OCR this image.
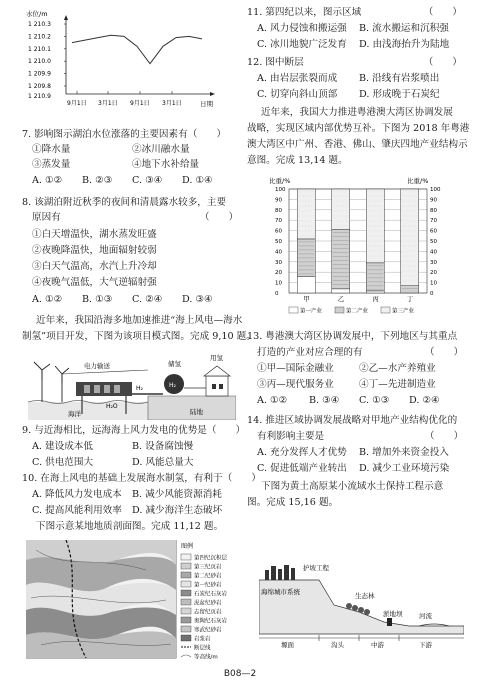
水位/m
1 210.3
1 210.2
1 210.1
1 210.0
1 209.9
1 209.8
1 210.9
9月1日 3月1日 9月1日 3月1日	日期
7. 影响图示湖泊水位涨落的主要因素有（　　）
①降水量	②冰川融水量
③蒸发量	④地下水补给量
A. ①② B. ②③ C. ③④ D. ①④
8. 该湖泊附近秋季的夜间和清晨露水较多，主要
原因有　　　　　　　　　　　　　　　（　　）
①白天增温快，湖水蒸发旺盛
②夜晚降温快，地面辐射较弱
③白天气温高，水汽上升冷却
④夜晚气温低，大气逆辐射强
A. ①② B. ①③ C. ②④ D. ③④
近年来，我国沿海多地加速推进“海上风电—海水
制氢”项目开发，下图为该项目模式图。完成 9,10 题。
电力输送
H₂
H₂O
H₂
储氢
用氢
海洋	陆地
9. 与近海相比，远海海上风力发电的优势是（　　）
A. 建设成本低	B. 设备腐蚀慢
C. 供电范围大	D. 风能总量大
10. 在海上风电的基础上发展海水制氢，有利于（　　）
A. 降低风力发电成本 B. 减少风能资源消耗
C. 提高风能利用效率 D. 减少海洋生态破坏
下图示意某地地质剖面图。完成 11,12 题。
图例
第四纪沉积层
第三纪页岩
第二纪砂岩
第一纪砂岩
石炭纪石灰岩
泥盆纪砂岩
志留纪页岩
奥陶纪石灰岩
寒武纪砂岩
岩浆岩
断层线
等高线/m
11. 第四纪以来，图示区域　　　　　　　（　　）
A. 风力侵蚀和搬运强 B. 流水搬运和沉积强
C. 冰川地貌广泛发育 D. 由浅海抬升为陆地
12. 图中断层　　　　　　　　　　　　　（　　）
A. 由岩层张裂而成 B. 沿线有岩浆喷出
C. 切穿向斜山顶部 D. 形成晚于石炭纪
近年来，我国大力推进粤港澳大湾区协调发展
战略，实现区域内部优势互补。下图为 2018 年粤港
澳大湾区中广州、香港、佛山、肇庆四地产业结构示
意图。完成 13,14 题。
比重/%	比重/%
100	100
90	90
80	80
70	70
60	60
50	50
40	40
30	30
20	20
10	10
0	0
甲	乙	丙	丁
第一产业	第二产业	第三产业
13. 粤港澳大湾区协调发展中，下列地区与其重点
打造的产业对应合理的有　　　　　　　（　　）
①甲—国际金融业	②乙—水产养殖业
③丙—现代服务业	④丁—先进制造业
A. ①② B. ③④ C. ①③ D. ②④
14. 推进区域协调发展战略对甲地产业结构优化的
有利影响主要是　　　　　　　　　　　（　　）
A. 充分发挥人才优势 B. 增加外来资金投入
C. 促进低端产业转出 D. 减少工业环境污染
下图为黄土高原某小流域水土保持工程示意
图。完成 15,16 题。
护坡工程
海绵城市系统	生态林
淤地坝	河流
塬面	沟头	中游	下游
B08—2
